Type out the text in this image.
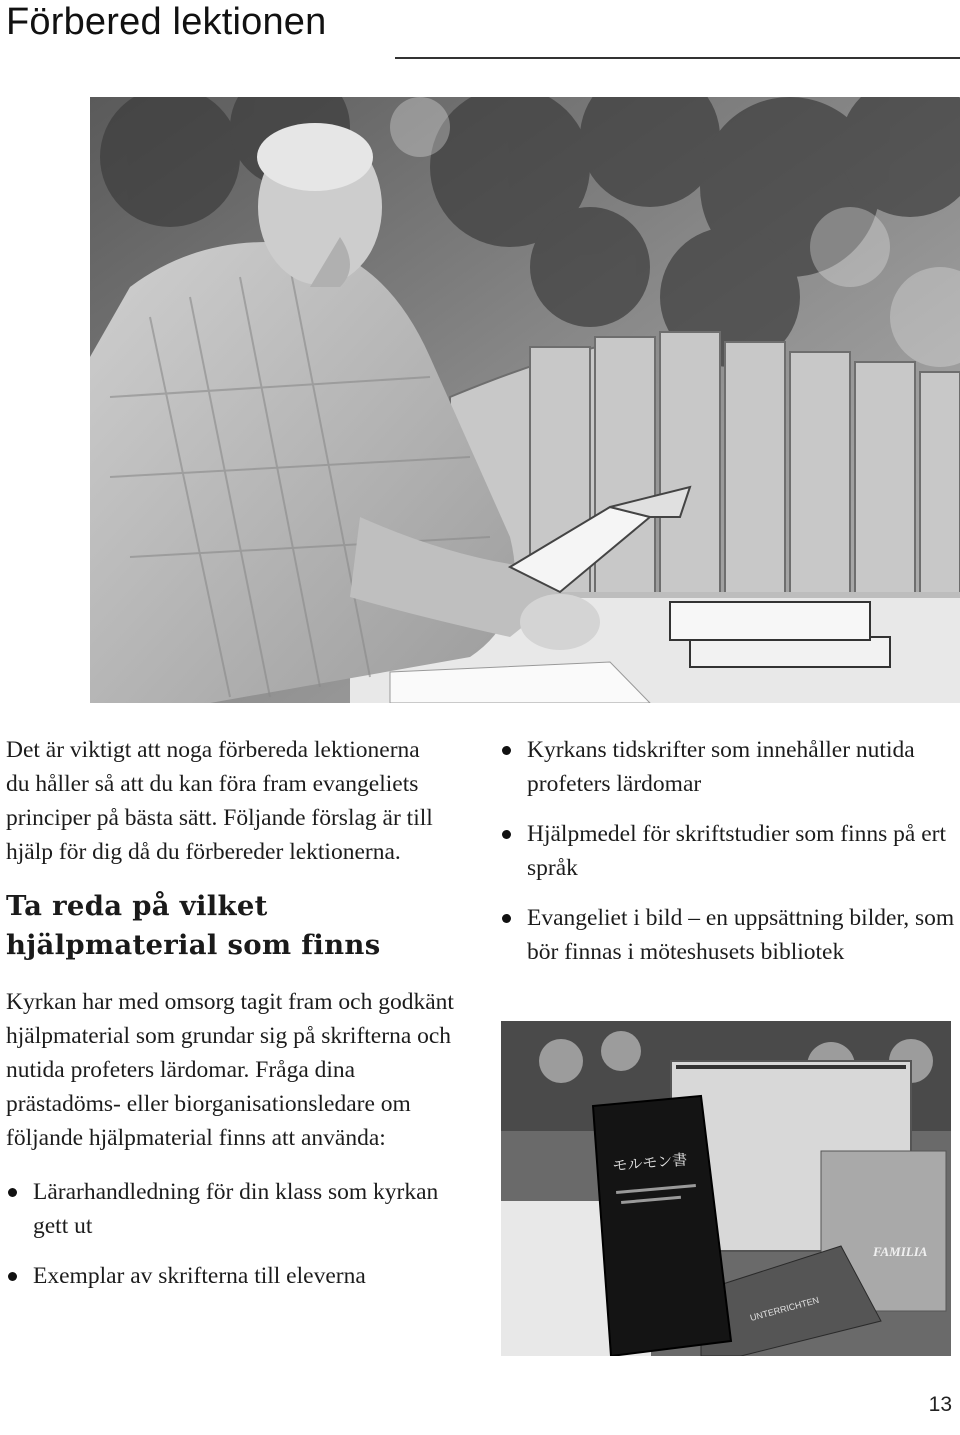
Förbered lektionen

Det är viktigt att noga förbereda lektionerna du håller så att du kan föra fram evangeliets principer på bästa sätt. Följande förslag är till hjälp för dig då du förbereder lektionerna.

Ta reda på vilket hjälpmaterial som finns

Kyrkan har med omsorg tagit fram och godkänt hjälpmaterial som grundar sig på skrifterna och nutida profeters lärdomar. Fråga dina prästadöms- eller biorganisationsledare om följande hjälpmaterial finns att använda:

Lärarhandledning för din klass som kyrkan gett ut
Exemplar av skrifterna till eleverna
Kyrkans tidskrifter som innehåller nutida profeters lärdomar
Hjälpmedel för skriftstudier som finns på ert språk
Evangeliet i bild – en uppsättning bilder, som bör finnas i möteshusets bibliotek
FAMILIA
UNTERRICHTEN
モルモン書
13
